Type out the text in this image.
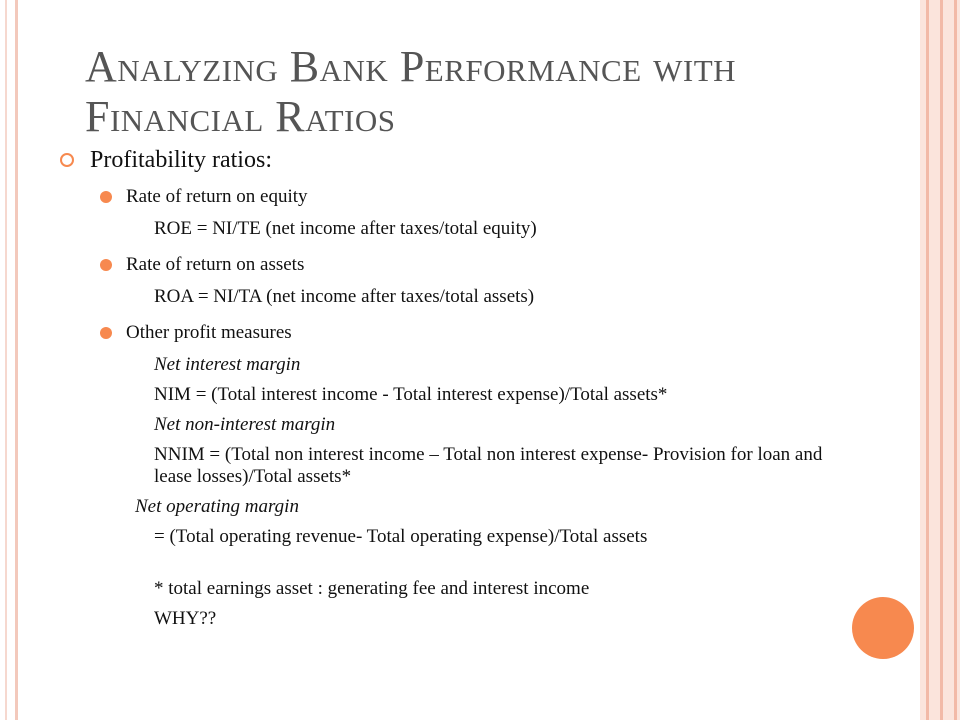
Analyzing Bank Performance with
Financial Ratios
Profitability ratios:
Rate of return on equity
ROE = NI/TE (net income after taxes/total equity)
Rate of return on assets
ROA = NI/TA (net income after taxes/total assets)
Other profit measures
Net interest margin
NIM = (Total interest income - Total interest expense)/Total assets*
Net non-interest margin
NNIM = (Total non interest income – Total non interest expense- Provision for loan and lease losses)/Total assets*
Net operating margin
= (Total operating revenue- Total operating expense)/Total assets
* total earnings asset : generating fee and interest income
WHY??
